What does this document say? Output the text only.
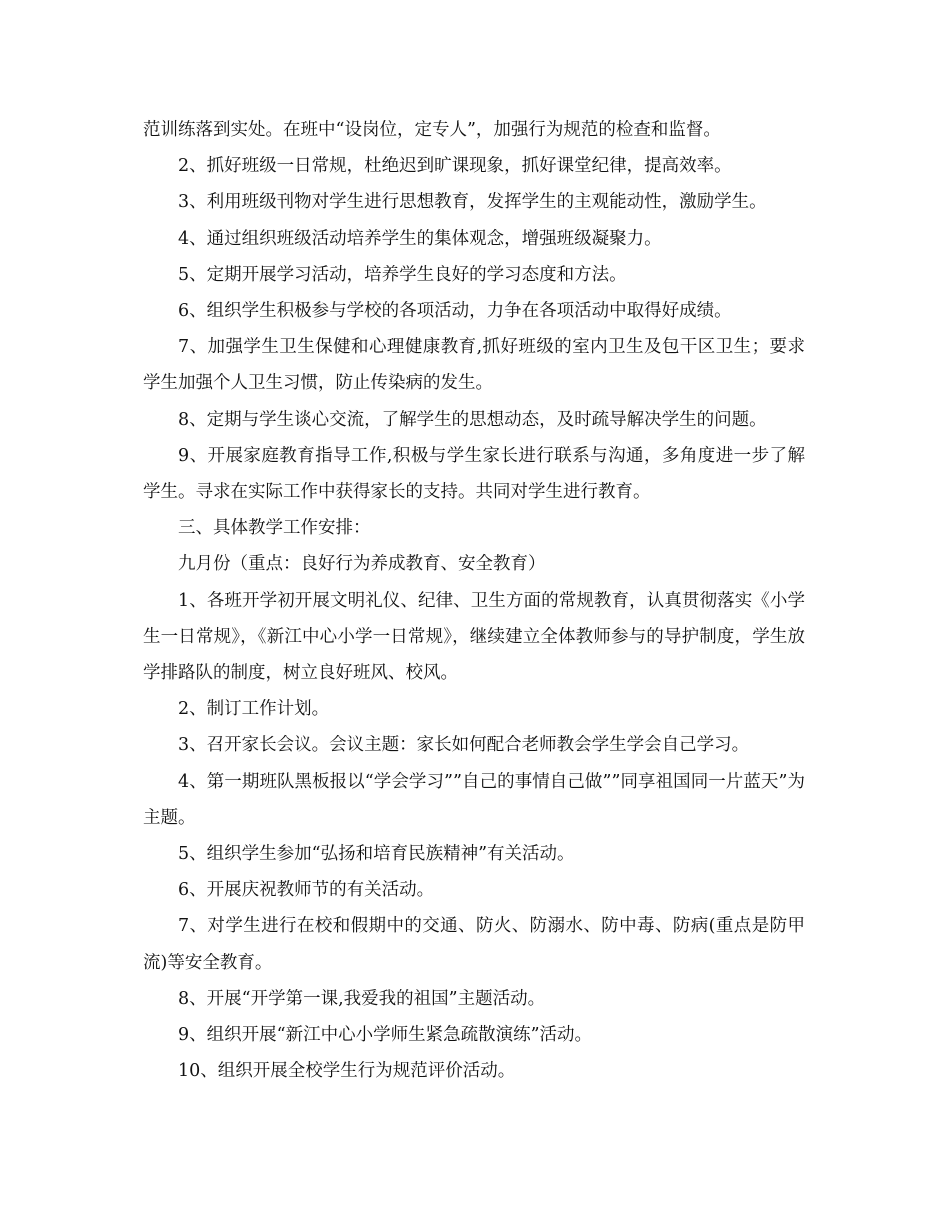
范训练落到实处。在班中“设岗位，定专人”，加强行为规范的检查和监督。

2、抓好班级一日常规，杜绝迟到旷课现象，抓好课堂纪律，提高效率。

3、利用班级刊物对学生进行思想教育，发挥学生的主观能动性，激励学生。

4、通过组织班级活动培养学生的集体观念，增强班级凝聚力。

5、定期开展学习活动，培养学生良好的学习态度和方法。

6、组织学生积极参与学校的各项活动，力争在各项活动中取得好成绩。

7、加强学生卫生保健和心理健康教育,抓好班级的室内卫生及包干区卫生；要求学生加强个人卫生习惯，防止传染病的发生。

8、定期与学生谈心交流，了解学生的思想动态，及时疏导解决学生的问题。

9、开展家庭教育指导工作,积极与学生家长进行联系与沟通，多角度进一步了解学生。寻求在实际工作中获得家长的支持。共同对学生进行教育。

三、具体教学工作安排：

九月份（重点：良好行为养成教育、安全教育）

1、各班开学初开展文明礼仪、纪律、卫生方面的常规教育，认真贯彻落实《小学生一日常规》，《新江中心小学一日常规》，继续建立全体教师参与的导护制度，学生放学排路队的制度，树立良好班风、校风。

2、制订工作计划。

3、召开家长会议。会议主题：家长如何配合老师教会学生学会自己学习。

4、第一期班队黑板报以“学会学习””自己的事情自己做””同享祖国同一片蓝天”为主题。

5、组织学生参加“弘扬和培育民族精神”有关活动。

6、开展庆祝教师节的有关活动。

7、对学生进行在校和假期中的交通、防火、防溺水、防中毒、防病(重点是防甲流)等安全教育。

8、开展“开学第一课,我爱我的祖国”主题活动。

9、组织开展“新江中心小学师生紧急疏散演练”活动。

10、组织开展全校学生行为规范评价活动。
